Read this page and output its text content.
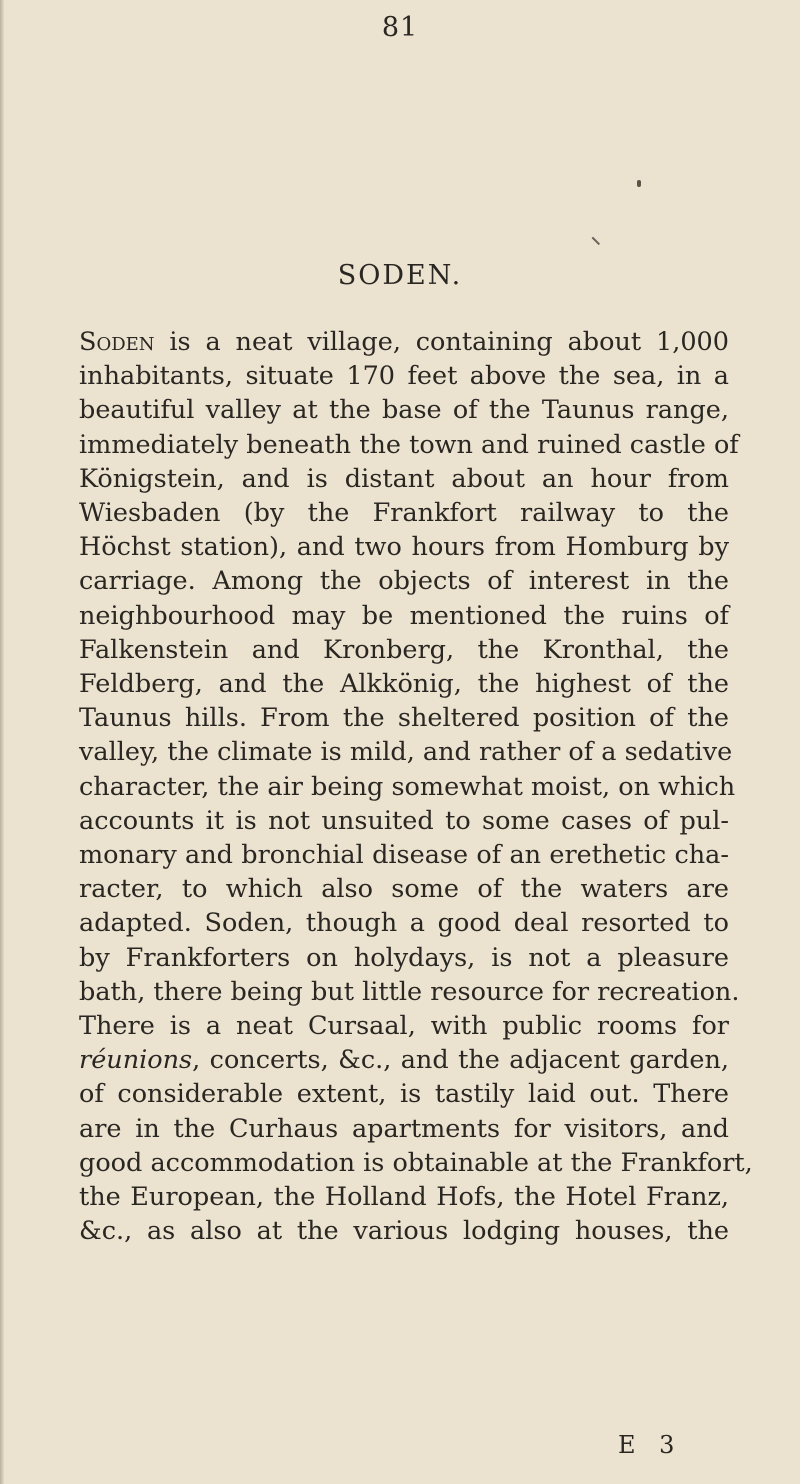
81
SODEN.
Soden is a neat village, containing about 1,000
inhabitants, situate 170 feet above the sea, in a
beautiful valley at the base of the Taunus range,
immediately beneath the town and ruined castle of
Königstein, and is distant about an hour from
Wiesbaden (by the Frankfort railway to the
Höchst station), and two hours from Homburg by
carriage. Among the objects of interest in the
neighbourhood may be mentioned the ruins of
Falkenstein and Kronberg, the Kronthal, the
Feldberg, and the Alkkönig, the highest of the
Taunus hills. From the sheltered position of the
valley, the climate is mild, and rather of a sedative
character, the air being somewhat moist, on which
accounts it is not unsuited to some cases of pul-
monary and bronchial disease of an erethetic cha-
racter, to which also some of the waters are
adapted. Soden, though a good deal resorted to
by Frankforters on holydays, is not a pleasure
bath, there being but little resource for recreation.
There is a neat Cursaal, with public rooms for
réunions, concerts, &c., and the adjacent garden,
of considerable extent, is tastily laid out. There
are in the Curhaus apartments for visitors, and
good accommodation is obtainable at the Frankfort,
the European, the Holland Hofs, the Hotel Franz,
&c., as also at the various lodging houses, the
E 3
